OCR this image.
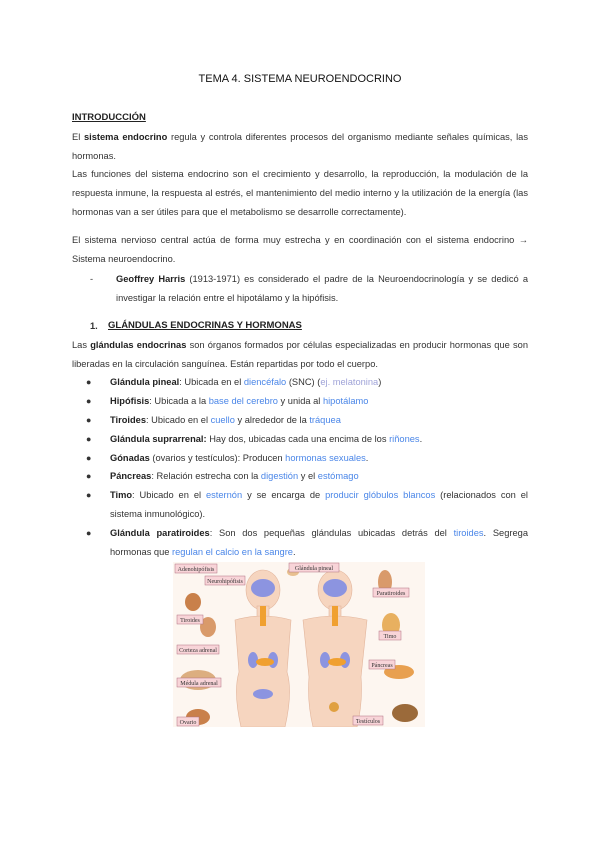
TEMA 4. SISTEMA NEUROENDOCRINO
INTRODUCCIÓN

El sistema endocrino regula y controla diferentes procesos del organismo mediante señales químicas, las hormonas.

Las funciones del sistema endocrino son el crecimiento y desarrollo, la reproducción, la modulación de la respuesta inmune, la respuesta al estrés, el mantenimiento del medio interno y la utilización de la energía (las hormonas van a ser útiles para que el metabolismo se desarrolle correctamente).

El sistema nervioso central actúa de forma muy estrecha y en coordinación con el sistema endocrino → Sistema neuroendocrino.

-	Geoffrey Harris (1913-1971) es considerado el padre de la Neuroendocrinología y se dedicó a investigar la relación entre el hipotálamo y la hipófisis.

1.	GLÁNDULAS ENDOCRINAS Y HORMONAS

Las glándulas endocrinas son órganos formados por células especializadas en producir hormonas que son liberadas en la circulación sanguínea. Están repartidas por todo el cuerpo.

●	Glándula pineal: Ubicada en el diencéfalo (SNC) (ej. melatonina)

●	Hipófisis: Ubicada a la base del cerebro y unida al hipotálamo

●	Tiroides: Ubicado en el cuello y alrededor de la tráquea

●	Glándula suprarrenal: Hay dos, ubicadas cada una encima de los riñones.

●	Gónadas (ovarios y testículos): Producen hormonas sexuales.

●	Páncreas: Relación estrecha con la digestión y el estómago

●	Timo: Ubicado en el esternón y se encarga de producir glóbulos blancos (relacionados con el sistema inmunológico).

●	Glándula paratiroides: Son dos pequeñas glándulas ubicadas detrás del tiroides. Segrega hormonas que regulan el calcio en la sangre.

Adenohipófisis
Neurohipófisis
Glándula pineal
Paratiroides
Tiroides
Timo
Corteza adrenal
Páncreas
Médula adrenal
Ovario	Testículos
